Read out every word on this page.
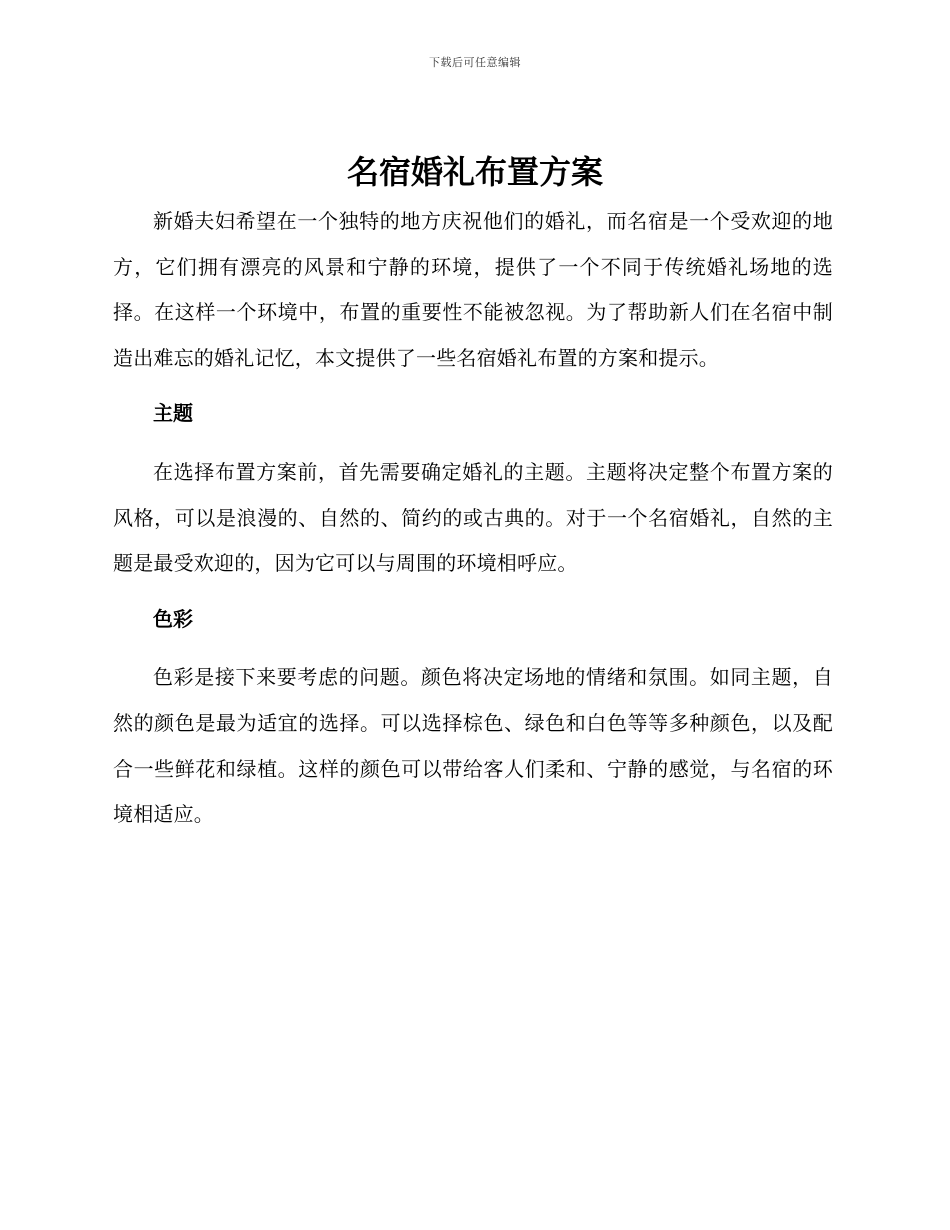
下载后可任意编辑
名宿婚礼布置方案

新婚夫妇希望在一个独特的地方庆祝他们的婚礼，而名宿是一个受欢迎的地方，它们拥有漂亮的风景和宁静的环境，提供了一个不同于传统婚礼场地的选择。在这样一个环境中，布置的重要性不能被忽视。为了帮助新人们在名宿中制造出难忘的婚礼记忆，本文提供了一些名宿婚礼布置的方案和提示。

主题

在选择布置方案前，首先需要确定婚礼的主题。主题将决定整个布置方案的风格，可以是浪漫的、自然的、简约的或古典的。对于一个名宿婚礼，自然的主题是最受欢迎的，因为它可以与周围的环境相呼应。

色彩

色彩是接下来要考虑的问题。颜色将决定场地的情绪和氛围。如同主题，自然的颜色是最为适宜的选择。可以选择棕色、绿色和白色等等多种颜色，以及配合一些鲜花和绿植。这样的颜色可以带给客人们柔和、宁静的感觉，与名宿的环境相适应。
